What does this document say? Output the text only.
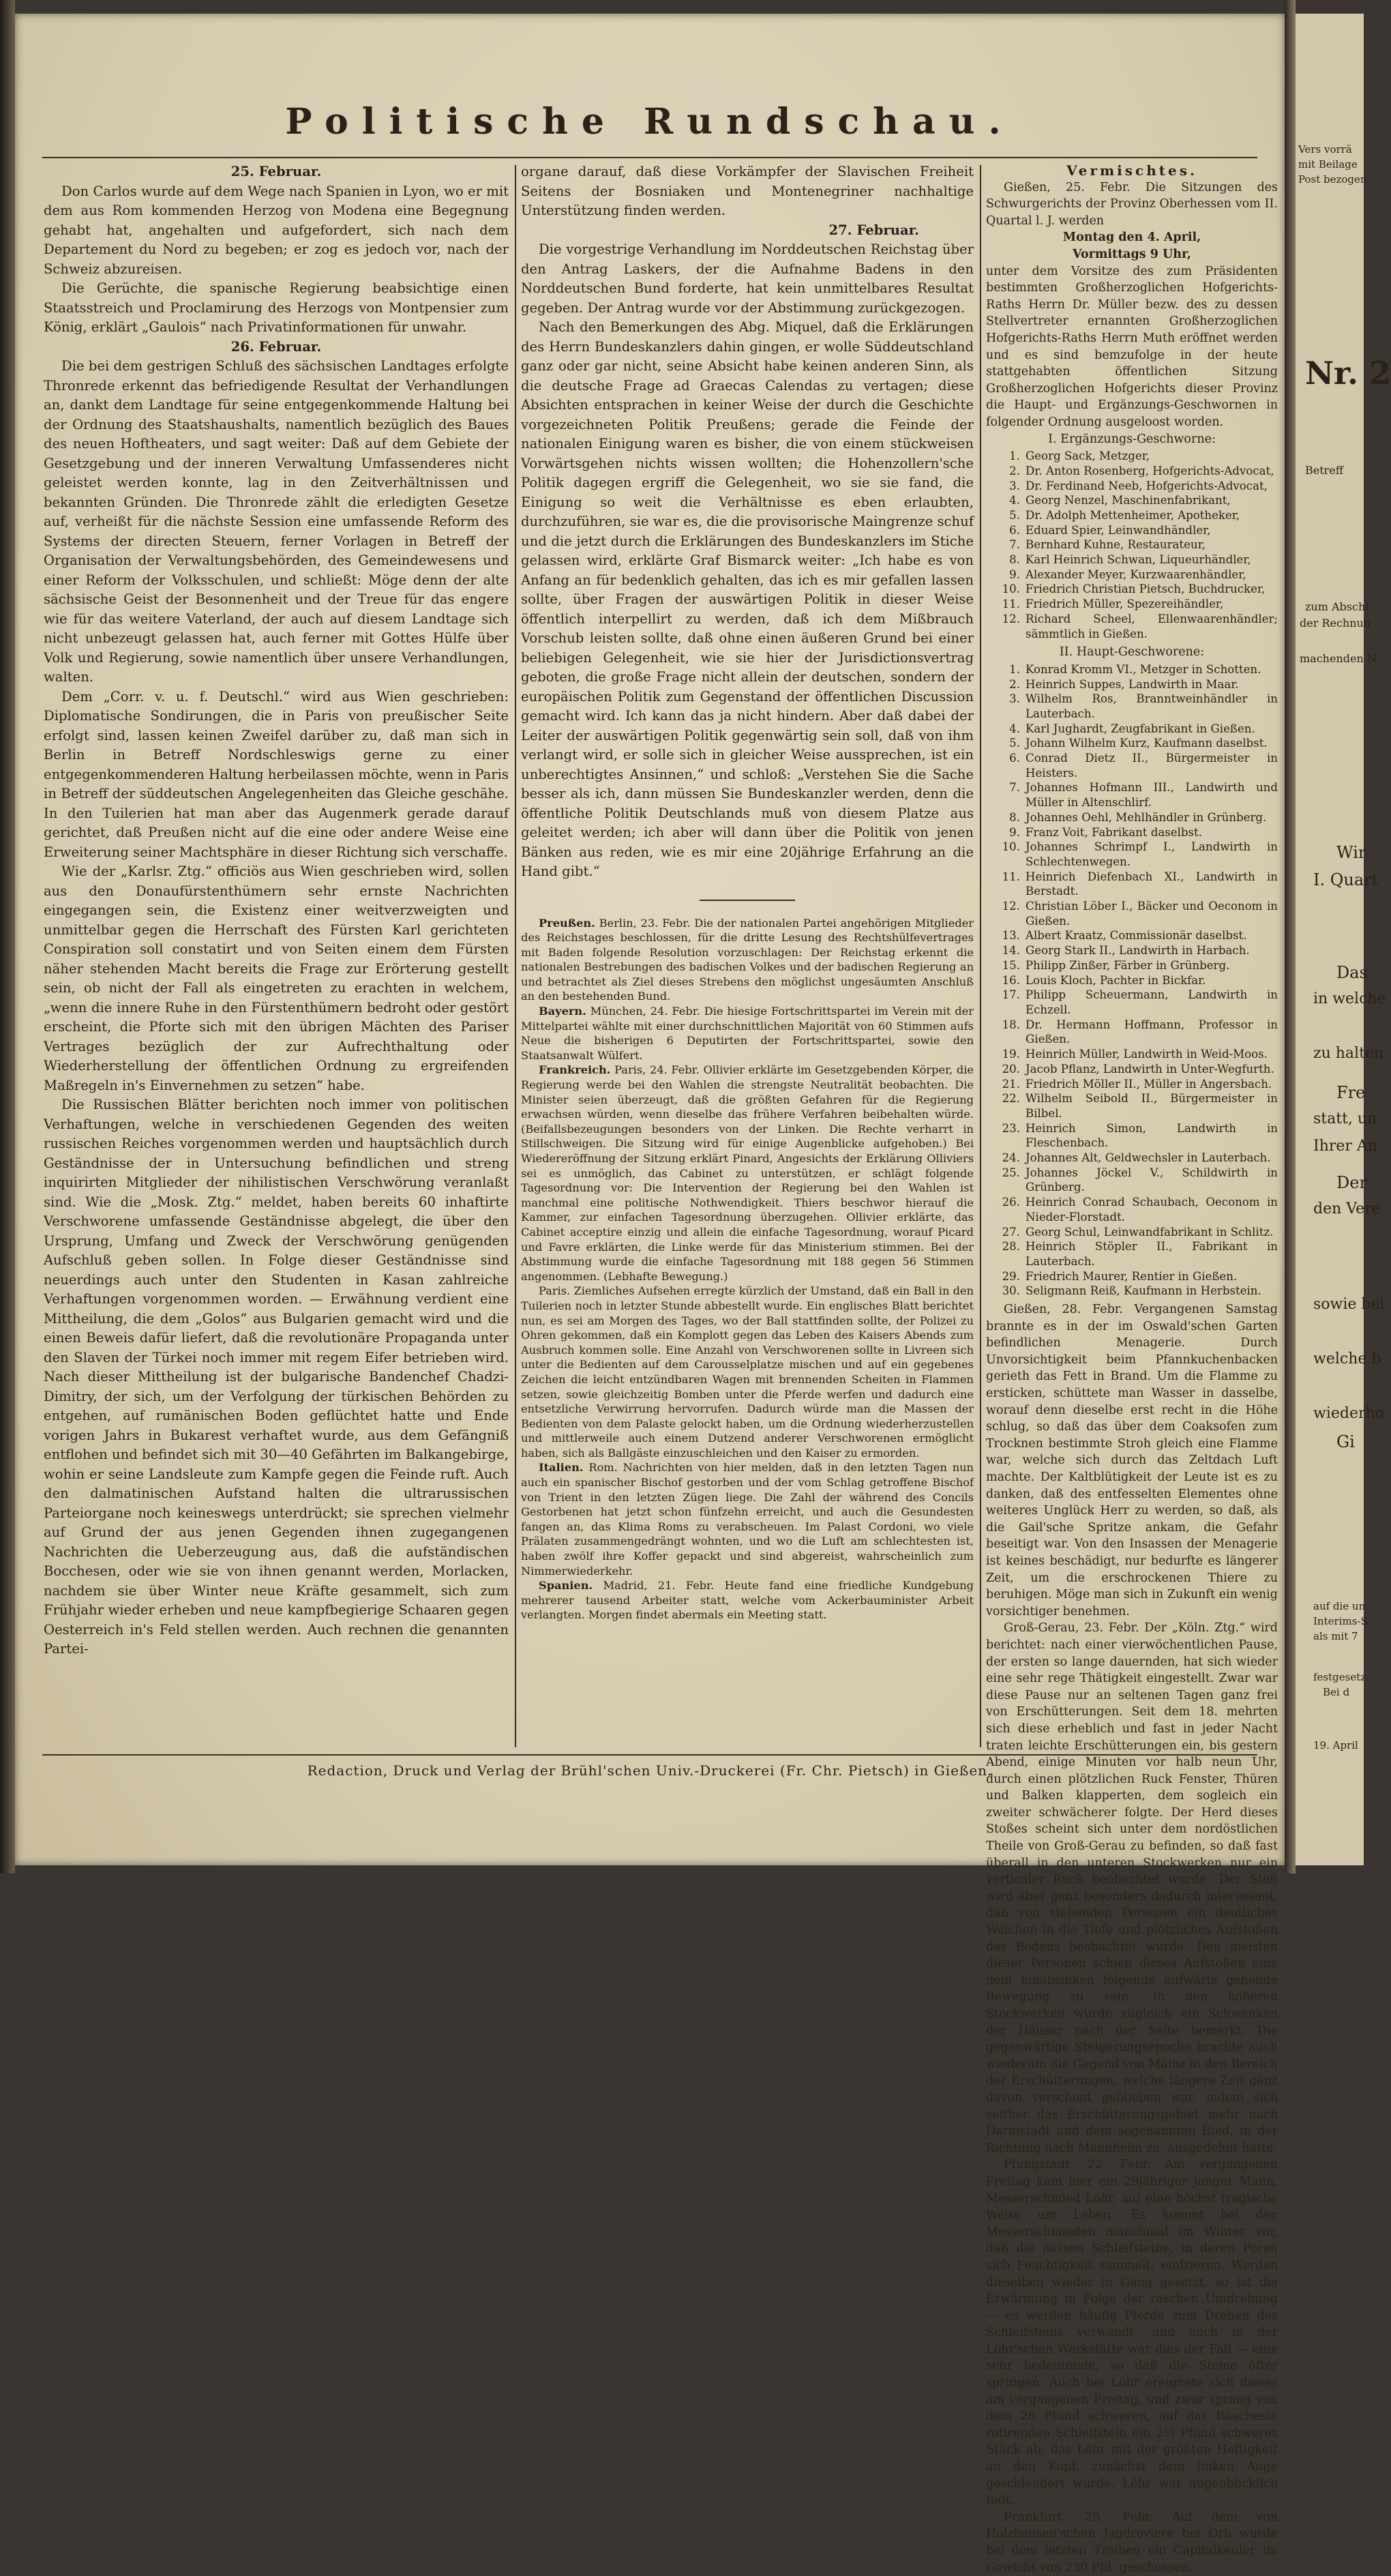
Politische Rundschau.

25. Februar.

Don Carlos wurde auf dem Wege nach Spanien in Lyon, wo er mit dem aus Rom kommenden Herzog von Modena eine Begegnung gehabt hat, angehalten und aufgefordert, sich nach dem Departement du Nord zu begeben; er zog es jedoch vor, nach der Schweiz abzureisen.

Die Gerüchte, die spanische Regierung beabsichtige einen Staatsstreich und Proclamirung des Herzogs von Montpensier zum König, erklärt „Gaulois“ nach Privatinformationen für unwahr.

26. Februar.

Die bei dem gestrigen Schluß des sächsischen Landtages erfolgte Thronrede erkennt das befriedigende Resultat der Verhandlungen an, dankt dem Landtage für seine entgegenkommende Haltung bei der Ordnung des Staatshaushalts, namentlich bezüglich des Baues des neuen Hoftheaters, und sagt weiter: Daß auf dem Gebiete der Gesetzgebung und der inneren Verwaltung Umfassenderes nicht geleistet werden konnte, lag in den Zeitverhältnissen und bekannten Gründen. Die Thronrede zählt die erledigten Gesetze auf, verheißt für die nächste Session eine umfassende Reform des Systems der directen Steuern, ferner Vorlagen in Betreff der Organisation der Verwaltungsbehörden, des Gemeindewesens und einer Reform der Volksschulen, und schließt: Möge denn der alte sächsische Geist der Besonnenheit und der Treue für das engere wie für das weitere Vaterland, der auch auf diesem Landtage sich nicht unbezeugt gelassen hat, auch ferner mit Gottes Hülfe über Volk und Regierung, sowie namentlich über unsere Verhandlungen, walten.

Dem „Corr. v. u. f. Deutschl.“ wird aus Wien geschrieben: Diplomatische Sondirungen, die in Paris von preußischer Seite erfolgt sind, lassen keinen Zweifel darüber zu, daß man sich in Berlin in Betreff Nordschleswigs gerne zu einer entgegenkommenderen Haltung herbeilassen möchte, wenn in Paris in Betreff der süddeutschen Angelegenheiten das Gleiche geschähe. In den Tuilerien hat man aber das Augenmerk gerade darauf gerichtet, daß Preußen nicht auf die eine oder andere Weise eine Erweiterung seiner Machtsphäre in dieser Richtung sich verschaffe.

Wie der „Karlsr. Ztg.“ officiös aus Wien geschrieben wird, sollen aus den Donaufürstenthümern sehr ernste Nachrichten eingegangen sein, die Existenz einer weitverzweigten und unmittelbar gegen die Herrschaft des Fürsten Karl gerichteten Conspiration soll constatirt und von Seiten einem dem Fürsten näher stehenden Macht bereits die Frage zur Erörterung gestellt sein, ob nicht der Fall als eingetreten zu erachten in welchem, „wenn die innere Ruhe in den Fürstenthümern bedroht oder gestört erscheint, die Pforte sich mit den übrigen Mächten des Pariser Vertrages bezüglich der zur Aufrechthaltung oder Wiederherstellung der öffentlichen Ordnung zu ergreifenden Maßregeln in's Einvernehmen zu setzen“ habe.

Die Russischen Blätter berichten noch immer von politischen Verhaftungen, welche in verschiedenen Gegenden des weiten russischen Reiches vorgenommen werden und hauptsächlich durch Geständnisse der in Untersuchung befindlichen und streng inquirirten Mitglieder der nihilistischen Verschwörung veranlaßt sind. Wie die „Mosk. Ztg.“ meldet, haben bereits 60 inhaftirte Verschworene umfassende Geständnisse abgelegt, die über den Ursprung, Umfang und Zweck der Verschwörung genügenden Aufschluß geben sollen. In Folge dieser Geständnisse sind neuerdings auch unter den Studenten in Kasan zahlreiche Verhaftungen vorgenommen worden. — Erwähnung verdient eine Mittheilung, die dem „Golos“ aus Bulgarien gemacht wird und die einen Beweis dafür liefert, daß die revolutionäre Propaganda unter den Slaven der Türkei noch immer mit regem Eifer betrieben wird. Nach dieser Mittheilung ist der bulgarische Bandenchef Chadzi-Dimitry, der sich, um der Verfolgung der türkischen Behörden zu entgehen, auf rumänischen Boden geflüchtet hatte und Ende vorigen Jahrs in Bukarest verhaftet wurde, aus dem Gefängniß entflohen und befindet sich mit 30—40 Gefährten im Balkangebirge, wohin er seine Landsleute zum Kampfe gegen die Feinde ruft. Auch den dalmatinischen Aufstand halten die ultrarussischen Parteiorgane noch keineswegs unterdrückt; sie sprechen vielmehr auf Grund der aus jenen Gegenden ihnen zugegangenen Nachrichten die Ueberzeugung aus, daß die aufständischen Bocchesen, oder wie sie von ihnen genannt werden, Morlacken, nachdem sie über Winter neue Kräfte gesammelt, sich zum Frühjahr wieder erheben und neue kampfbegierige Schaaren gegen Oesterreich in's Feld stellen werden. Auch rechnen die genannten Partei-

organe darauf, daß diese Vorkämpfer der Slavischen Freiheit Seitens der Bosniaken und Montenegriner nachhaltige Unterstützung finden werden.

27. Februar.

Die vorgestrige Verhandlung im Norddeutschen Reichstag über den Antrag Laskers, der die Aufnahme Badens in den Norddeutschen Bund forderte, hat kein unmittelbares Resultat gegeben. Der Antrag wurde vor der Abstimmung zurückgezogen.

Nach den Bemerkungen des Abg. Miquel, daß die Erklärungen des Herrn Bundeskanzlers dahin gingen, er wolle Süddeutschland ganz oder gar nicht, seine Absicht habe keinen anderen Sinn, als die deutsche Frage ad Graecas Calendas zu vertagen; diese Absichten entsprachen in keiner Weise der durch die Geschichte vorgezeichneten Politik Preußens; gerade die Feinde der nationalen Einigung waren es bisher, die von einem stückweisen Vorwärtsgehen nichts wissen wollten; die Hohenzollern'sche Politik dagegen ergriff die Gelegenheit, wo sie sie fand, die Einigung so weit die Verhältnisse es eben erlaubten, durchzuführen, sie war es, die die provisorische Maingrenze schuf und die jetzt durch die Erklärungen des Bundeskanzlers im Stiche gelassen wird, erklärte Graf Bismarck weiter: „Ich habe es von Anfang an für bedenklich gehalten, das ich es mir gefallen lassen sollte, über Fragen der auswärtigen Politik in dieser Weise öffentlich interpellirt zu werden, daß ich dem Mißbrauch Vorschub leisten sollte, daß ohne einen äußeren Grund bei einer beliebigen Gelegenheit, wie sie hier der Jurisdictionsvertrag geboten, die große Frage nicht allein der deutschen, sondern der europäischen Politik zum Gegenstand der öffentlichen Discussion gemacht wird. Ich kann das ja nicht hindern. Aber daß dabei der Leiter der auswärtigen Politik gegenwärtig sein soll, daß von ihm verlangt wird, er solle sich in gleicher Weise aussprechen, ist ein unberechtigtes Ansinnen,“ und schloß: „Verstehen Sie die Sache besser als ich, dann müssen Sie Bundeskanzler werden, denn die öffentliche Politik Deutschlands muß von diesem Platze aus geleitet werden; ich aber will dann über die Politik von jenen Bänken aus reden, wie es mir eine 20jährige Erfahrung an die Hand gibt.“

Preußen. Berlin, 23. Febr. Die der nationalen Partei angehörigen Mitglieder des Reichstages beschlossen, für die dritte Lesung des Rechtshülfevertrages mit Baden folgende Resolution vorzuschlagen: Der Reichstag erkennt die nationalen Bestrebungen des badischen Volkes und der badischen Regierung an und betrachtet als Ziel dieses Strebens den möglichst ungesäumten Anschluß an den bestehenden Bund.

Bayern. München, 24. Febr. Die hiesige Fortschrittspartei im Verein mit der Mittelpartei wählte mit einer durchschnittlichen Majorität von 60 Stimmen aufs Neue die bisherigen 6 Deputirten der Fortschrittspartei, sowie den Staatsanwalt Wülfert.

Frankreich. Paris, 24. Febr. Ollivier erklärte im Gesetzgebenden Körper, die Regierung werde bei den Wahlen die strengste Neutralität beobachten. Die Minister seien überzeugt, daß die größten Gefahren für die Regierung erwachsen würden, wenn dieselbe das frühere Verfahren beibehalten würde. (Beifallsbezeugungen besonders von der Linken. Die Rechte verharrt in Stillschweigen. Die Sitzung wird für einige Augenblicke aufgehoben.) Bei Wiedereröffnung der Sitzung erklärt Pinard, Angesichts der Erklärung Olliviers sei es unmöglich, das Cabinet zu unterstützen, er schlägt folgende Tagesordnung vor: Die Intervention der Regierung bei den Wahlen ist manchmal eine politische Nothwendigkeit. Thiers beschwor hierauf die Kammer, zur einfachen Tagesordnung überzugehen. Ollivier erklärte, das Cabinet acceptire einzig und allein die einfache Tagesordnung, worauf Picard und Favre erklärten, die Linke werde für das Ministerium stimmen. Bei der Abstimmung wurde die einfache Tagesordnung mit 188 gegen 56 Stimmen angenommen. (Lebhafte Bewegung.)

Paris. Ziemliches Aufsehen erregte kürzlich der Umstand, daß ein Ball in den Tuilerien noch in letzter Stunde abbestellt wurde. Ein englisches Blatt berichtet nun, es sei am Morgen des Tages, wo der Ball stattfinden sollte, der Polizei zu Ohren gekommen, daß ein Komplott gegen das Leben des Kaisers Abends zum Ausbruch kommen solle. Eine Anzahl von Verschworenen sollte in Livreen sich unter die Bedienten auf dem Carousselplatze mischen und auf ein gegebenes Zeichen die leicht entzündbaren Wagen mit brennenden Scheiten in Flammen setzen, sowie gleichzeitig Bomben unter die Pferde werfen und dadurch eine entsetzliche Verwirrung hervorrufen. Dadurch würde man die Massen der Bedienten von dem Palaste gelockt haben, um die Ordnung wiederherzustellen und mittlerweile auch einem Dutzend anderer Verschworenen ermöglicht haben, sich als Ballgäste einzuschleichen und den Kaiser zu ermorden.

Italien. Rom. Nachrichten von hier melden, daß in den letzten Tagen nun auch ein spanischer Bischof gestorben und der vom Schlag getroffene Bischof von Trient in den letzten Zügen liege. Die Zahl der während des Concils Gestorbenen hat jetzt schon fünfzehn erreicht, und auch die Gesundesten fangen an, das Klima Roms zu verabscheuen. Im Palast Cordoni, wo viele Prälaten zusammengedrängt wohnten, und wo die Luft am schlechtesten ist, haben zwölf ihre Koffer gepackt und sind abgereist, wahrscheinlich zum Nimmerwiederkehr.

Spanien. Madrid, 21. Febr. Heute fand eine friedliche Kundgebung mehrerer tausend Arbeiter statt, welche vom Ackerbauminister Arbeit verlangten. Morgen findet abermals ein Meeting statt.

Vermischtes.

Gießen, 25. Febr. Die Sitzungen des Schwurgerichts der Provinz Oberhessen vom II. Quartal l. J. werden

Montag den 4. April,

Vormittags 9 Uhr,

unter dem Vorsitze des zum Präsidenten bestimmten Großherzoglichen Hofgerichts-Raths Herrn Dr. Müller bezw. des zu dessen Stellvertreter ernannten Großherzoglichen Hofgerichts-Raths Herrn Muth eröffnet werden und es sind bemzufolge in der heute stattgehabten öffentlichen Sitzung Großherzoglichen Hofgerichts dieser Provinz die Haupt- und Ergänzungs-Geschwornen in folgender Ordnung ausgeloost worden.

I. Ergänzungs-Geschworne:

1. Georg Sack, Metzger,
2. Dr. Anton Rosenberg, Hofgerichts-Advocat,
3. Dr. Ferdinand Neeb, Hofgerichts-Advocat,
4. Georg Nenzel, Maschinenfabrikant,
5. Dr. Adolph Mettenheimer, Apotheker,
6. Eduard Spier, Leinwandhändler,
7. Bernhard Kuhne, Restaurateur,
8. Karl Heinrich Schwan, Liqueurhändler,
9. Alexander Meyer, Kurzwaarenhändler,
10. Friedrich Christian Pietsch, Buchdrucker,
11. Friedrich Müller, Spezereihändler,
12. Richard Scheel, Ellenwaarenhändler; sämmtlich in Gießen.

II. Haupt-Geschworene:

1. Konrad Kromm VI., Metzger in Schotten.
2. Heinrich Suppes, Landwirth in Maar.
3. Wilhelm Ros, Branntweinhändler in Lauterbach.
4. Karl Jughardt, Zeugfabrikant in Gießen.
5. Johann Wilhelm Kurz, Kaufmann daselbst.
6. Conrad Dietz II., Bürgermeister in Heisters.
7. Johannes Hofmann III., Landwirth und Müller in Altenschlirf.
8. Johannes Oehl, Mehlhändler in Grünberg.
9. Franz Voit, Fabrikant daselbst.
10. Johannes Schrimpf I., Landwirth in Schlechtenwegen.
11. Heinrich Diefenbach XI., Landwirth in Berstadt.
12. Christian Löber I., Bäcker und Oeconom in Gießen.
13. Albert Kraatz, Commissionär daselbst.
14. Georg Stark II., Landwirth in Harbach.
15. Philipp Zinßer, Färber in Grünberg.
16. Louis Kloch, Pachter in Bickfar.
17. Philipp Scheuermann, Landwirth in Echzell.
18. Dr. Hermann Hoffmann, Professor in Gießen.
19. Heinrich Müller, Landwirth in Weid-Moos.
20. Jacob Pflanz, Landwirth in Unter-Wegfurth.
21. Friedrich Möller II., Müller in Angersbach.
22. Wilhelm Seibold II., Bürgermeister in Bilbel.
23. Heinrich Simon, Landwirth in Fleschenbach.
24. Johannes Alt, Geldwechsler in Lauterbach.
25. Johannes Jöckel V., Schildwirth in Grünberg.
26. Heinrich Conrad Schaubach, Oeconom in Nieder-Florstadt.
27. Georg Schul, Leinwandfabrikant in Schlitz.
28. Heinrich Stöpler II., Fabrikant in Lauterbach.
29. Friedrich Maurer, Rentier in Gießen.
30. Seligmann Reiß, Kaufmann in Herbstein.

Gießen, 28. Febr. Vergangenen Samstag brannte es in der im Oswald'schen Garten befindlichen Menagerie. Durch Unvorsichtigkeit beim Pfannkuchenbacken gerieth das Fett in Brand. Um die Flamme zu ersticken, schüttete man Wasser in dasselbe, worauf denn dieselbe erst recht in die Höhe schlug, so daß das über dem Coaksofen zum Trocknen bestimmte Stroh gleich eine Flamme war, welche sich durch das Zeltdach Luft machte. Der Kaltblütigkeit der Leute ist es zu danken, daß des entfesselten Elementes ohne weiteres Unglück Herr zu werden, so daß, als die Gail'sche Spritze ankam, die Gefahr beseitigt war. Von den Insassen der Menagerie ist keines beschädigt, nur bedurfte es längerer Zeit, um die erschrockenen Thiere zu beruhigen. Möge man sich in Zukunft ein wenig vorsichtiger benehmen.

Groß-Gerau, 23. Febr. Der „Köln. Ztg.“ wird berichtet: nach einer vierwöchentlichen Pause, der ersten so lange dauernden, hat sich wieder eine sehr rege Thätigkeit eingestellt. Zwar war diese Pause nur an seltenen Tagen ganz frei von Erschütterungen. Seit dem 18. mehrten sich diese erheblich und fast in jeder Nacht traten leichte Erschütterungen ein, bis gestern Abend, einige Minuten vor halb neun Uhr, durch einen plötzlichen Ruck Fenster, Thüren und Balken klapperten, dem sogleich ein zweiter schwächerer folgte. Der Herd dieses Stoßes scheint sich unter dem nordöstlichen Theile von Groß-Gerau zu befinden, so daß fast überall in den unteren Stockwerken nur ein verticaler Ruck beobachtet wurde. Der Stoß wird aber ganz besonders dadurch interessant, daß von stehenden Personen ein deutliches Weichen in die Tiefe und plötzliches Aufstoßen des Bodens beobachtet wurde. Den meisten dieser Personen schien dieses Aufstoßen eine dem hinabsinken folgende aufwärts gehende Bewegung zu sein. In den höheren Stockwerken wurde zugleich ein Schwanken der Häuser nach der Seite bemerkt. Die gegenwärtige Steigerungsepoche brachte auch wiederum die Gegend von Mainz in den Bereich der Erschütterungen, welche längere Zeit ganz davon verschont geblieben war, indem sich seither das Erschütterungsgebiet mehr nach Darmstadt und dem sogenannten Ried, in der Richtung nach Mannheim zu, ausgedehnt hatte.

Pfungstadt, 22. Febr. Am vergangenen Freitag kam hier ein 29jähriger junger Mann, Messerschmied Löhr, auf eine höchst tragische Weise um Leben. Es kommt bei den Messerschmieden manchmal im Winter vor, daß die nassen Schleifsteine, in deren Poren sich Feuchtigkeit sammelt, einfrieren. Werden dieselben wieder in Gang gesetzt, so ist die Erwärmung in Folge der raschen Umdrehung — es werden häufig Pferde zum Drehen des Schleifsteins verwandt, und auch in der Löhr'schen Werkstätte war dies der Fall — eine sehr bedeutende, so daß die Steine öfter springen. Auch bei Löhr ereignete sich dieses am vergangenen Freitag, und zwar sprang von dem 26 Pfund schweren, auf das Rascheste rotirenden Schleifstein ein 2½ Pfund schweres Stück ab, das Löhr mit der größten Heftigkeit an den Kopf, zunächst dem linken Auge geschleudert wurde. Löhr war augenblicklich todt.

Frankfurt, 25. Febr. Auf dem von Holzhausen'schen Jagdreviere bei Orb wurde bei dem letzten Treiben ein Capitalkeuler im Gewicht von 230 Pfd. geschossen.

Redaction, Druck und Verlag der Brühl'schen Univ.-Druckerei (Fr. Chr. Pietsch) in Gießen.
Vers vorrä
mit Beilage
Post bezogen
Nr. 2
Betreff
zum Abschl
der Rechnun
machenden N
Wir
I. Quart
Das
in welche
zu halten
Fre
statt, un
Ihrer An
Der
den Vere
sowie bei
welche b
wiederho
Gi
auf die un
Interims-S
als mit 7
festgesetz.
Bei d
19. April
